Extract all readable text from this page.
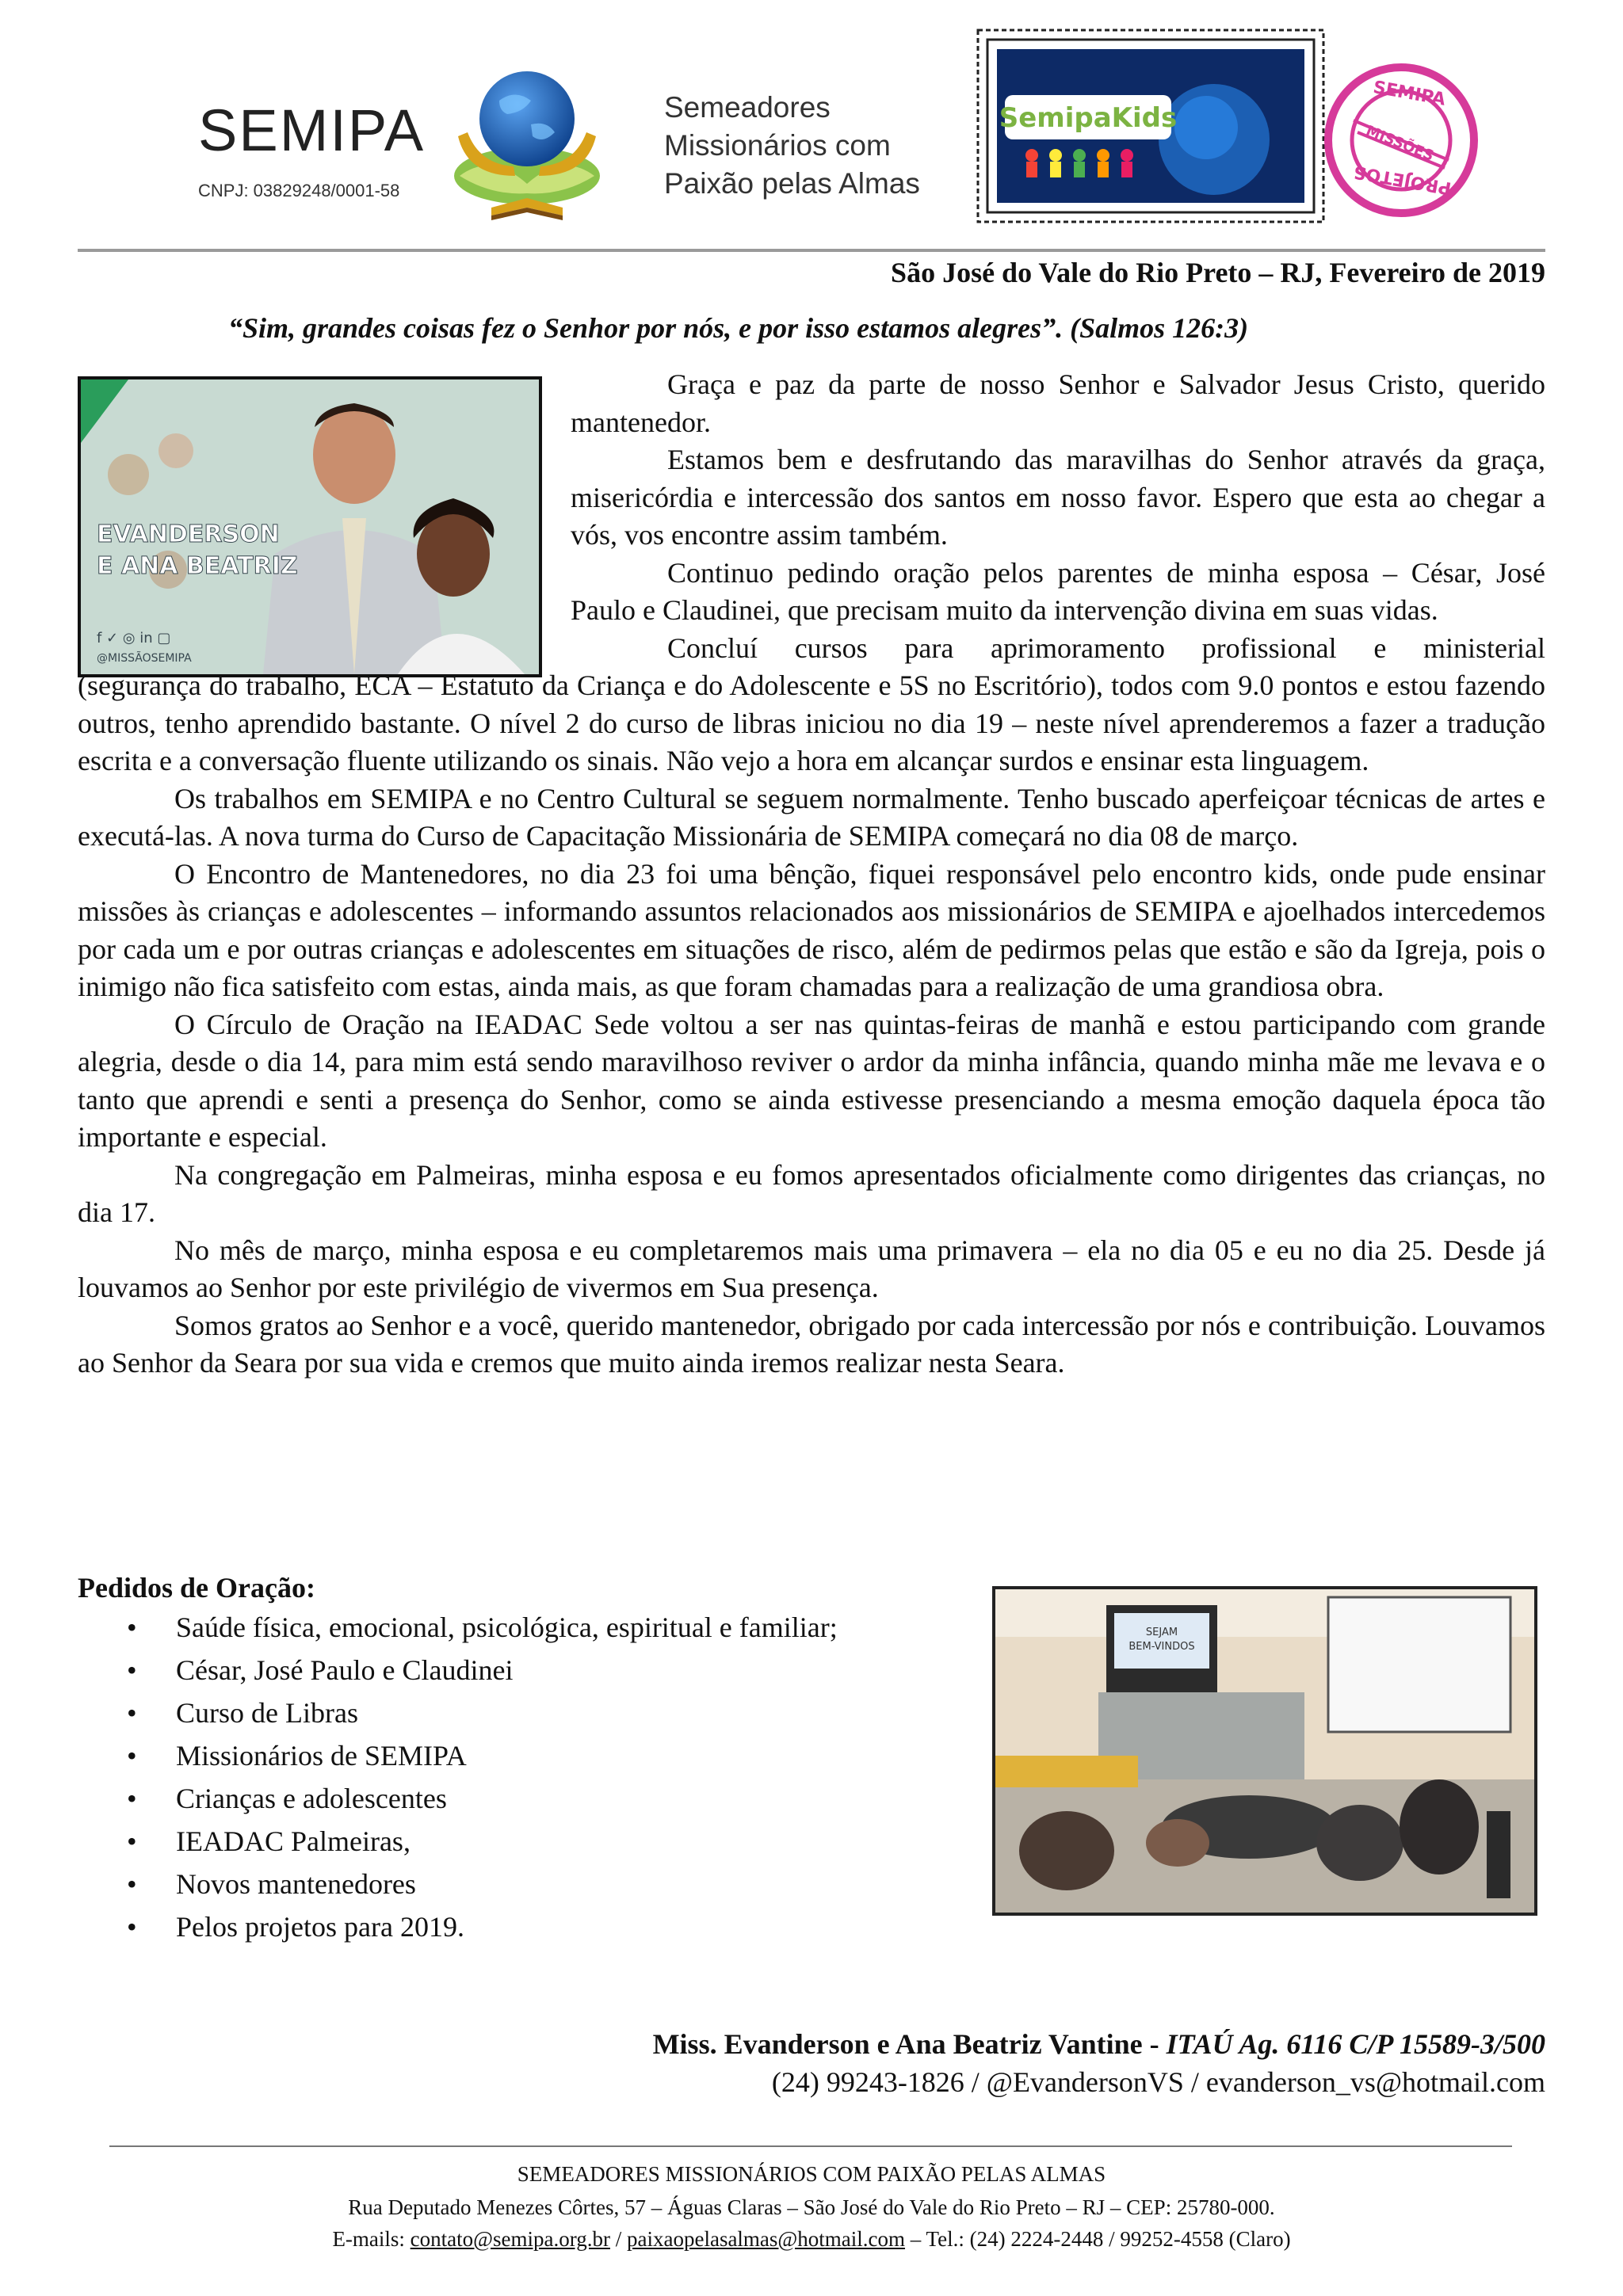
SEMIPA
CNPJ: 03829248/0001-58
Semeadores
Missionários com
Paixão pelas Almas
SemipaKids
SEMIPA
MISSÕES
PROJETOS
São José do Vale do Rio Preto – RJ, Fevereiro de 2019
“Sim, grandes coisas fez o Senhor por nós, e por isso estamos alegres”. (Salmos 126:3)
EVANDERSON
E ANA BEATRIZ
f ✓ ◎ in ▢
@MISSÃOSEMIPA

Graça e paz da parte de nosso Senhor e Salvador Jesus Cristo, querido mantenedor.

Estamos bem e desfrutando das maravilhas do Senhor através da graça, misericórdia e intercessão dos santos em nosso favor. Espero que esta ao chegar a vós, vos encontre assim também.

Continuo pedindo oração pelos parentes de minha esposa – César, José Paulo e Claudinei, que precisam muito da intervenção divina em suas vidas.

Concluí cursos para aprimoramento profissional e ministerial

(segurança do trabalho, ECA – Estatuto da Criança e do Adolescente e 5S no Escritório), todos com 9.0 pontos e estou fazendo outros, tenho aprendido bastante. O nível 2 do curso de libras iniciou no dia 19 – neste nível aprenderemos a fazer a tradução escrita e a conversação fluente utilizando os sinais. Não vejo a hora em alcançar surdos e ensinar esta linguagem.

Os trabalhos em SEMIPA e no Centro Cultural se seguem normalmente. Tenho buscado aperfeiçoar técnicas de artes e executá-las. A nova turma do Curso de Capacitação Missionária de SEMIPA começará no dia 08 de março.

O Encontro de Mantenedores, no dia 23 foi uma bênção, fiquei responsável pelo encontro kids, onde pude ensinar missões às crianças e adolescentes – informando assuntos relacionados aos missionários de SEMIPA e ajoelhados intercedemos por cada um e por outras crianças e adolescentes em situações de risco, além de pedirmos pelas que estão e são da Igreja, pois o inimigo não fica satisfeito com estas, ainda mais, as que foram chamadas para a realização de uma grandiosa obra.

O Círculo de Oração na IEADAC Sede voltou a ser nas quintas-feiras de manhã e estou participando com grande alegria, desde o dia 14, para mim está sendo maravilhoso reviver o ardor da minha infância, quando minha mãe me levava e o tanto que aprendi e senti a presença do Senhor, como se ainda estivesse presenciando a mesma emoção daquela época tão importante e especial.

Na congregação em Palmeiras, minha esposa e eu fomos apresentados oficialmente como dirigentes das crianças, no dia 17.

No mês de março, minha esposa e eu completaremos mais uma primavera – ela no dia 05 e eu no dia 25. Desde já louvamos ao Senhor por este privilégio de vivermos em Sua presença.

Somos gratos ao Senhor e a você, querido mantenedor, obrigado por cada intercessão por nós e contribuição. Louvamos ao Senhor da Seara por sua vida e cremos que muito ainda iremos realizar nesta Seara.

Pedidos de Oração:
• Saúde física, emocional, psicológica, espiritual e familiar;
• César, José Paulo e Claudinei
• Curso de Libras
• Missionários de SEMIPA
• Crianças e adolescentes
• IEADAC Palmeiras,
• Novos mantenedores
• Pelos projetos para 2019.
SEJAM
BEM-VINDOS
Miss. Evanderson e Ana Beatriz Vantine - ITAÚ Ag. 6116 C/P 15589-3/500
(24) 99243-1826 / @EvandersonVS / evanderson_vs@hotmail.com
SEMEADORES MISSIONÁRIOS COM PAIXÃO PELAS ALMAS
Rua Deputado Menezes Côrtes, 57 – Águas Claras – São José do Vale do Rio Preto – RJ – CEP: 25780-000.
E-mails: contato@semipa.org.br / paixaopelasalmas@hotmail.com – Tel.: (24) 2224-2448 / 99252-4558 (Claro)
